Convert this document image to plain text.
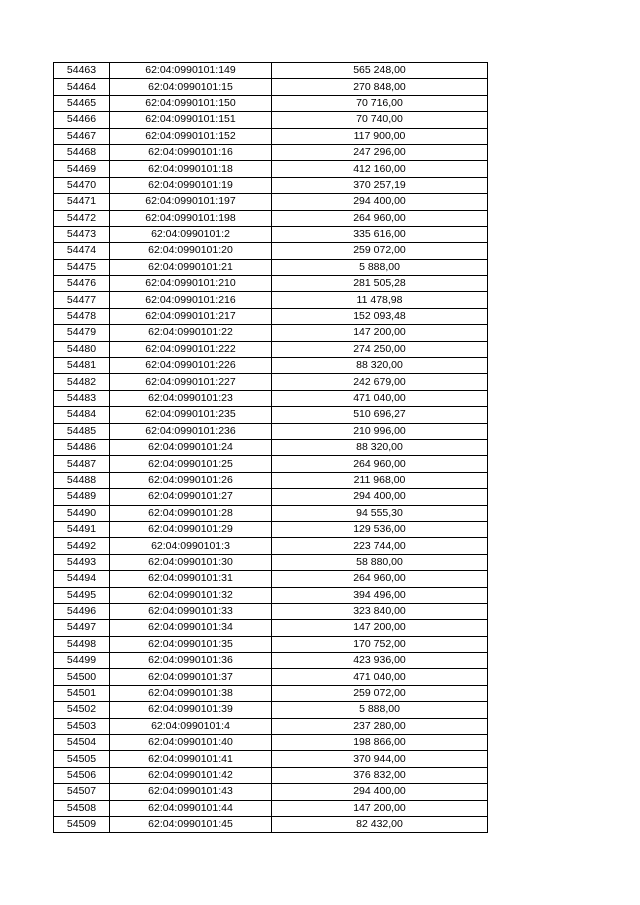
54463	62:04:0990101:149	565 248,00
54464	62:04:0990101:15	270 848,00
54465	62:04:0990101:150	70 716,00
54466	62:04:0990101:151	70 740,00
54467	62:04:0990101:152	117 900,00
54468	62:04:0990101:16	247 296,00
54469	62:04:0990101:18	412 160,00
54470	62:04:0990101:19	370 257,19
54471	62:04:0990101:197	294 400,00
54472	62:04:0990101:198	264 960,00
54473	62:04:0990101:2	335 616,00
54474	62:04:0990101:20	259 072,00
54475	62:04:0990101:21	5 888,00
54476	62:04:0990101:210	281 505,28
54477	62:04:0990101:216	11 478,98
54478	62:04:0990101:217	152 093,48
54479	62:04:0990101:22	147 200,00
54480	62:04:0990101:222	274 250,00
54481	62:04:0990101:226	88 320,00
54482	62:04:0990101:227	242 679,00
54483	62:04:0990101:23	471 040,00
54484	62:04:0990101:235	510 696,27
54485	62:04:0990101:236	210 996,00
54486	62:04:0990101:24	88 320,00
54487	62:04:0990101:25	264 960,00
54488	62:04:0990101:26	211 968,00
54489	62:04:0990101:27	294 400,00
54490	62:04:0990101:28	94 555,30
54491	62:04:0990101:29	129 536,00
54492	62:04:0990101:3	223 744,00
54493	62:04:0990101:30	58 880,00
54494	62:04:0990101:31	264 960,00
54495	62:04:0990101:32	394 496,00
54496	62:04:0990101:33	323 840,00
54497	62:04:0990101:34	147 200,00
54498	62:04:0990101:35	170 752,00
54499	62:04:0990101:36	423 936,00
54500	62:04:0990101:37	471 040,00
54501	62:04:0990101:38	259 072,00
54502	62:04:0990101:39	5 888,00
54503	62:04:0990101:4	237 280,00
54504	62:04:0990101:40	198 866,00
54505	62:04:0990101:41	370 944,00
54506	62:04:0990101:42	376 832,00
54507	62:04:0990101:43	294 400,00
54508	62:04:0990101:44	147 200,00
54509	62:04:0990101:45	82 432,00
